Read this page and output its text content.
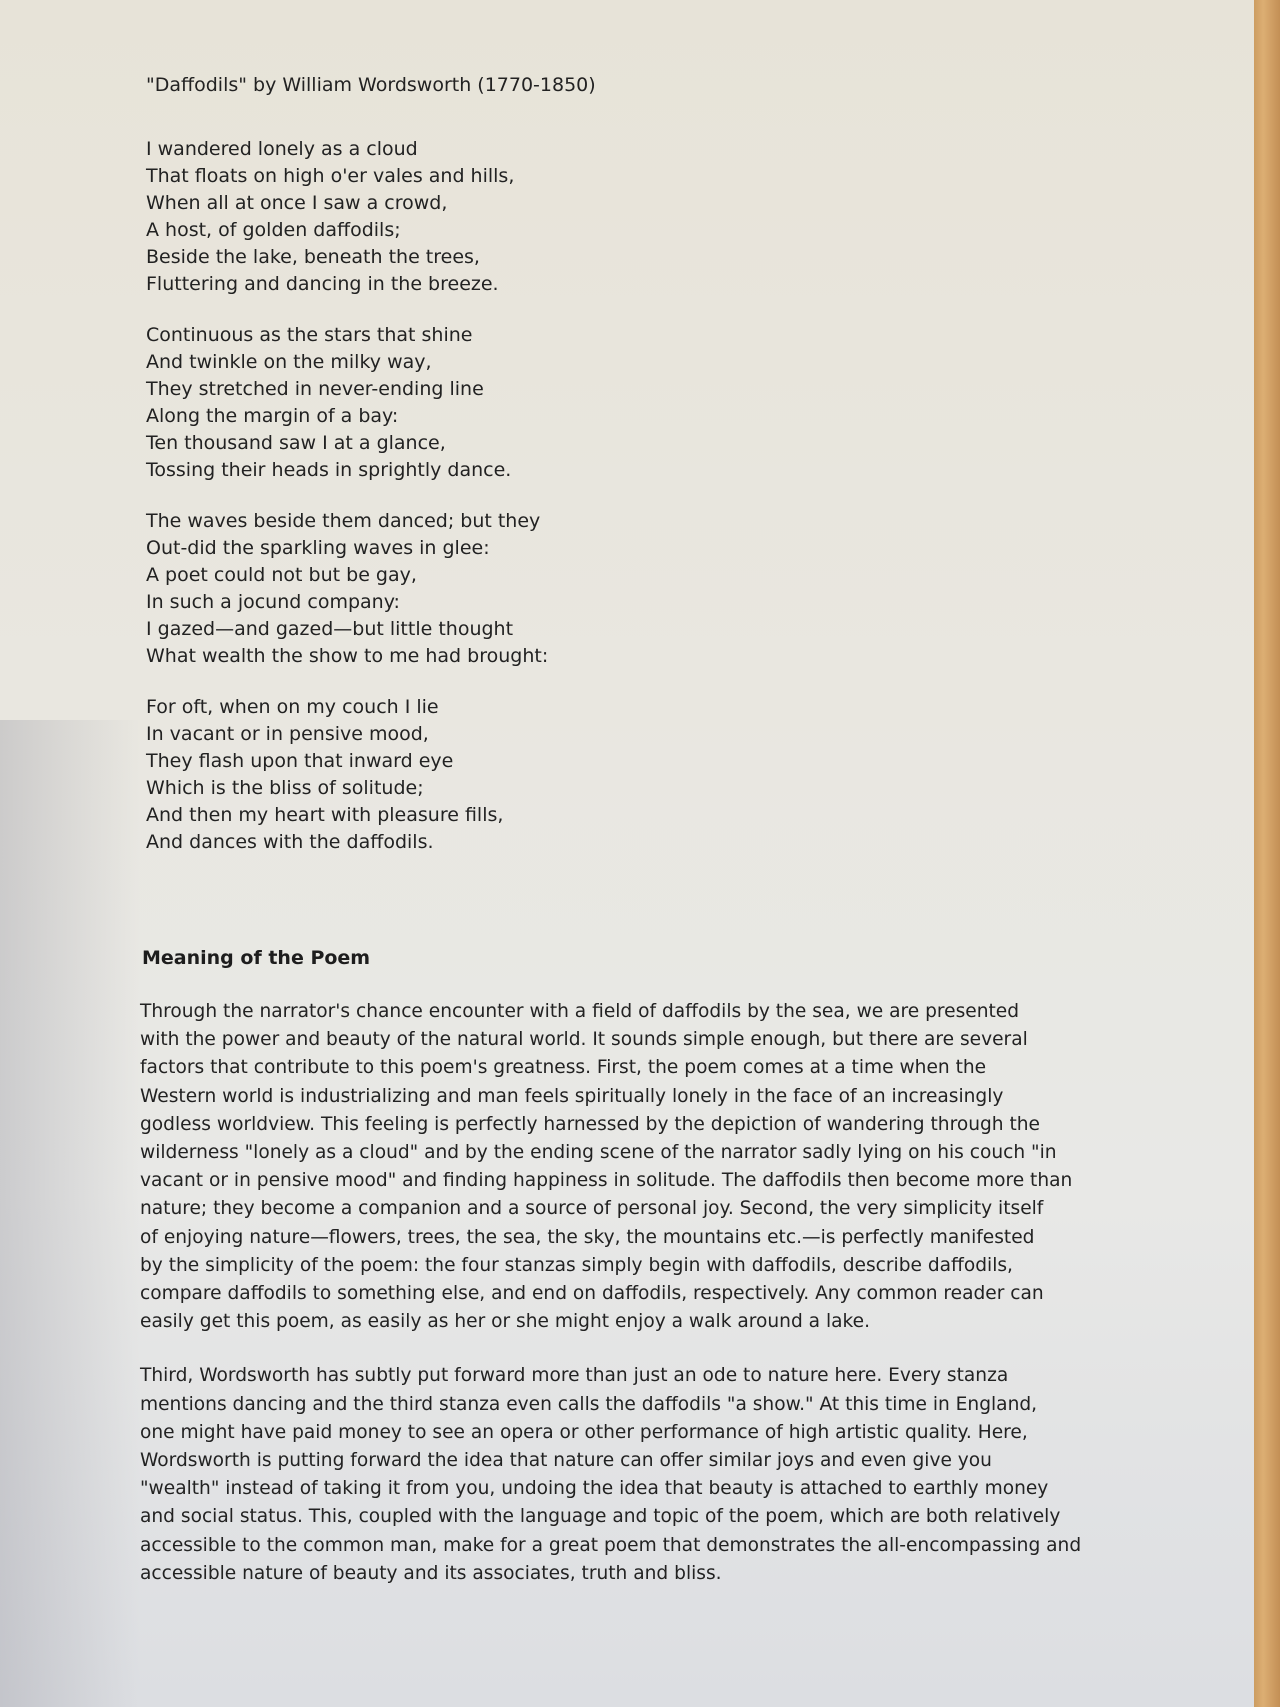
"Daffodils" by William Wordsworth (1770-1850)
I wandered lonely as a cloud
That floats on high o'er vales and hills,
When all at once I saw a crowd,
A host, of golden daffodils;
Beside the lake, beneath the trees,
Fluttering and dancing in the breeze.
Continuous as the stars that shine
And twinkle on the milky way,
They stretched in never-ending line
Along the margin of a bay:
Ten thousand saw I at a glance,
Tossing their heads in sprightly dance.
The waves beside them danced; but they
Out-did the sparkling waves in glee:
A poet could not but be gay,
In such a jocund company:
I gazed—and gazed—but little thought
What wealth the show to me had brought:
For oft, when on my couch I lie
In vacant or in pensive mood,
They flash upon that inward eye
Which is the bliss of solitude;
And then my heart with pleasure fills,
And dances with the daffodils.
Meaning of the Poem
Through the narrator's chance encounter with a field of daffodils by the sea, we are presented
with the power and beauty of the natural world. It sounds simple enough, but there are several
factors that contribute to this poem's greatness. First, the poem comes at a time when the
Western world is industrializing and man feels spiritually lonely in the face of an increasingly
godless worldview. This feeling is perfectly harnessed by the depiction of wandering through the
wilderness "lonely as a cloud" and by the ending scene of the narrator sadly lying on his couch "in
vacant or in pensive mood" and finding happiness in solitude. The daffodils then become more than
nature; they become a companion and a source of personal joy. Second, the very simplicity itself
of enjoying nature—flowers, trees, the sea, the sky, the mountains etc.—is perfectly manifested
by the simplicity of the poem: the four stanzas simply begin with daffodils, describe daffodils,
compare daffodils to something else, and end on daffodils, respectively. Any common reader can
easily get this poem, as easily as her or she might enjoy a walk around a lake.
Third, Wordsworth has subtly put forward more than just an ode to nature here. Every stanza
mentions dancing and the third stanza even calls the daffodils "a show." At this time in England,
one might have paid money to see an opera or other performance of high artistic quality. Here,
Wordsworth is putting forward the idea that nature can offer similar joys and even give you
"wealth" instead of taking it from you, undoing the idea that beauty is attached to earthly money
and social status. This, coupled with the language and topic of the poem, which are both relatively
accessible to the common man, make for a great poem that demonstrates the all-encompassing and
accessible nature of beauty and its associates, truth and bliss.
